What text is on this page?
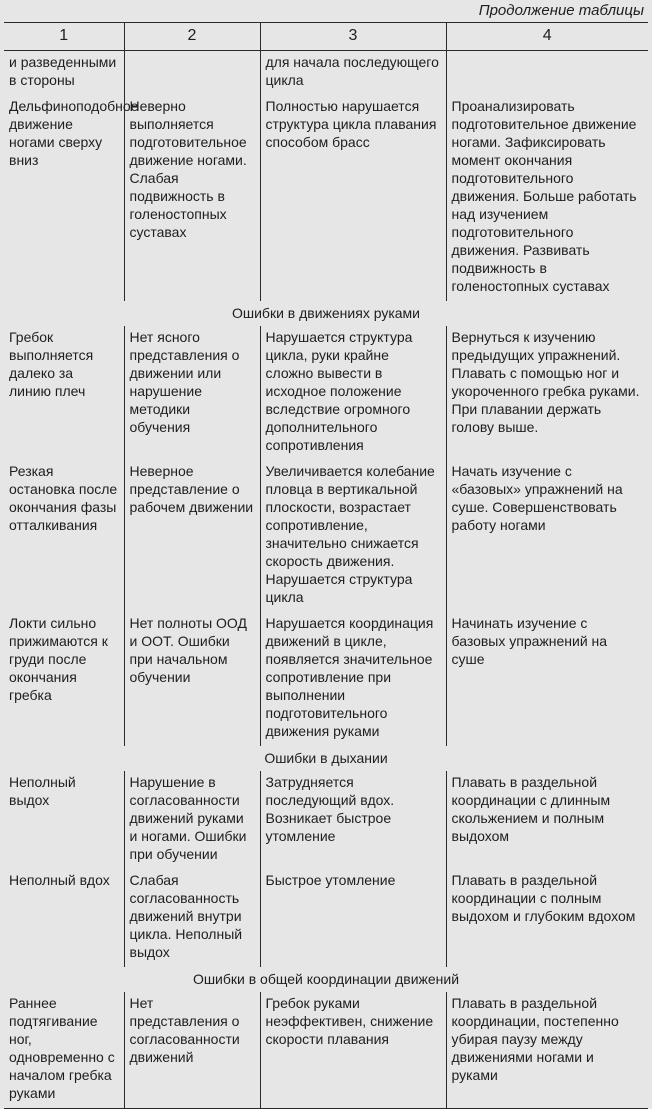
Продолжение таблицы
1	2	3	4
и разведенными в стороны		для начала последующего цикла	
Дельфиноподобное движение ногами сверху вниз	Неверно выполняется подготовительное движение ногами. Слабая подвижность в голеностопных суставах	Полностью нарушается структура цикла плавания способом брасс	Проанализировать подготовительное движение ногами. Зафиксировать момент окончания подготовительного движения. Больше работать над изучением подготовительного движения. Развивать подвижность в голеностопных суставах
Ошибки в движениях руками			
Гребок выполняется далеко за линию плеч	Нет ясного представления о движении или нарушение методики обучения	Нарушается структура цикла, руки крайне сложно вывести в исходное положение вследствие огромного дополнительного сопротивления	Вернуться к изучению предыдущих упражнений. Плавать с помощью ног и укороченного гребка руками. При плавании держать голову выше.
Резкая остановка после окончания фазы отталкивания	Неверное представление о рабочем движении	Увеличивается колебание пловца в вертикальной плоскости, возрастает сопротивление, значительно снижается скорость движения. Нарушается структура цикла	Начать изучение с «базовых» упражнений на суше. Совершенствовать работу ногами
Локти сильно прижимаются к груди после окончания гребка	Нет полноты ООД и ООТ. Ошибки при начальном обучении	Нарушается координация движений в цикле, появляется значительное сопротивление при выполнении подготовительного движения руками	Начинать изучение с базовых упражнений на суше
Ошибки в дыхании			
Неполный выдох	Нарушение в согласованности движений руками и ногами. Ошибки при обучении	Затрудняется последующий вдох. Возникает быстрое утомление	Плавать в раздельной координации с длинным скольжением и полным выдохом
Неполный вдох	Слабая согласованность движений внутри цикла. Неполный выдох	Быстрое утомление	Плавать в раздельной координации с полным выдохом и глубоким вдохом
Ошибки в общей координации движений			
Раннее подтягивание ног, одновременно с началом гребка руками	Нет представления о согласованности движений	Гребок руками неэффективен, снижение скорости плавания	Плавать в раздельной координации, постепенно убирая паузу между движениями ногами и руками
